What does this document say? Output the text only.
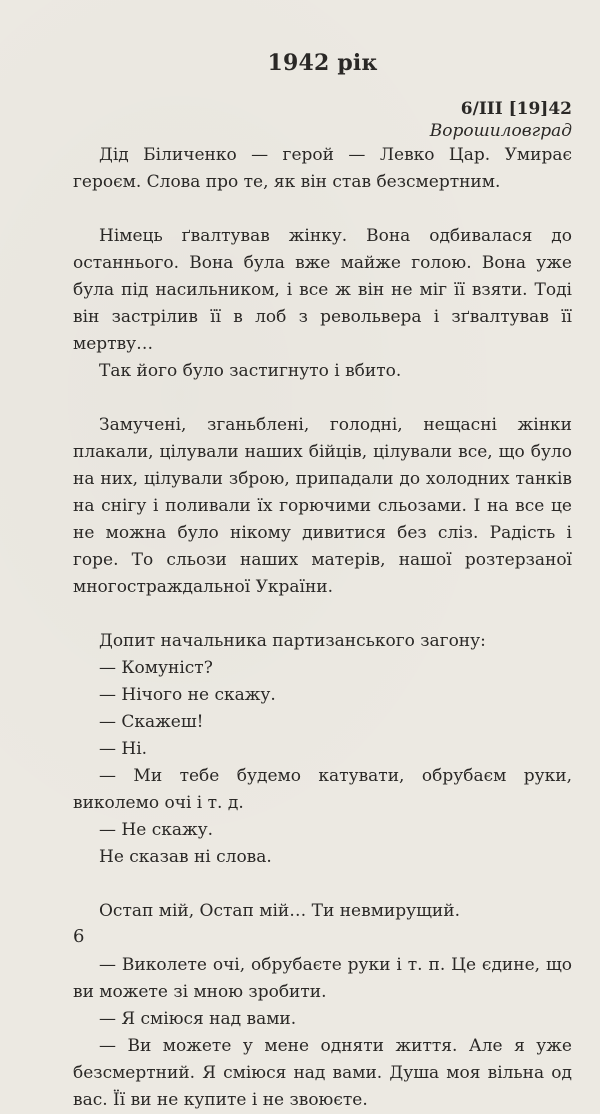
1942 рік
6/III [19]42
Ворошиловград

Дід Біличенко — герой — Левко Цар. Умирає героєм. Слова про те, як він став безсмертним.

Німець ґвалтував жінку. Вона одбивалася до останнього. Вона була вже майже голою. Вона уже була під насильником, і все ж він не міг її взяти. Тоді він застрілив її в лоб з револьвера і зґвалтував її мертву…

Так його було застигнуто і вбито.

Замучені, зганьблені, голодні, нещасні жінки плакали, цілували наших бійців, цілували все, що було на них, цілували зброю, припадали до холодних танків на снігу і поливали їх горючими сльозами. І на все це не можна було нікому дивитися без сліз. Радість і горе. То сльози наших матерів, нашої розтерзаної многостраждальної України.

Допит начальника партизанського загону:

— Комуніст?

— Нічого не скажу.

— Скажеш!

— Ні.

— Ми тебе будемо катувати, обрубаєм руки, виколемо очі і т. д.

— Не скажу.

Не сказав ні слова.

Остап мій, Остап мій… Ти невмирущий.

— Виколете очі, обрубаєте руки і т. п. Це єдине, що ви можете зі мною зробити.

— Я сміюся над вами.

— Ви можете у мене одняти життя. Але я уже безсмертний. Я сміюся над вами. Душа моя вільна од вас. Її ви не купите і не звоюєте.

6
